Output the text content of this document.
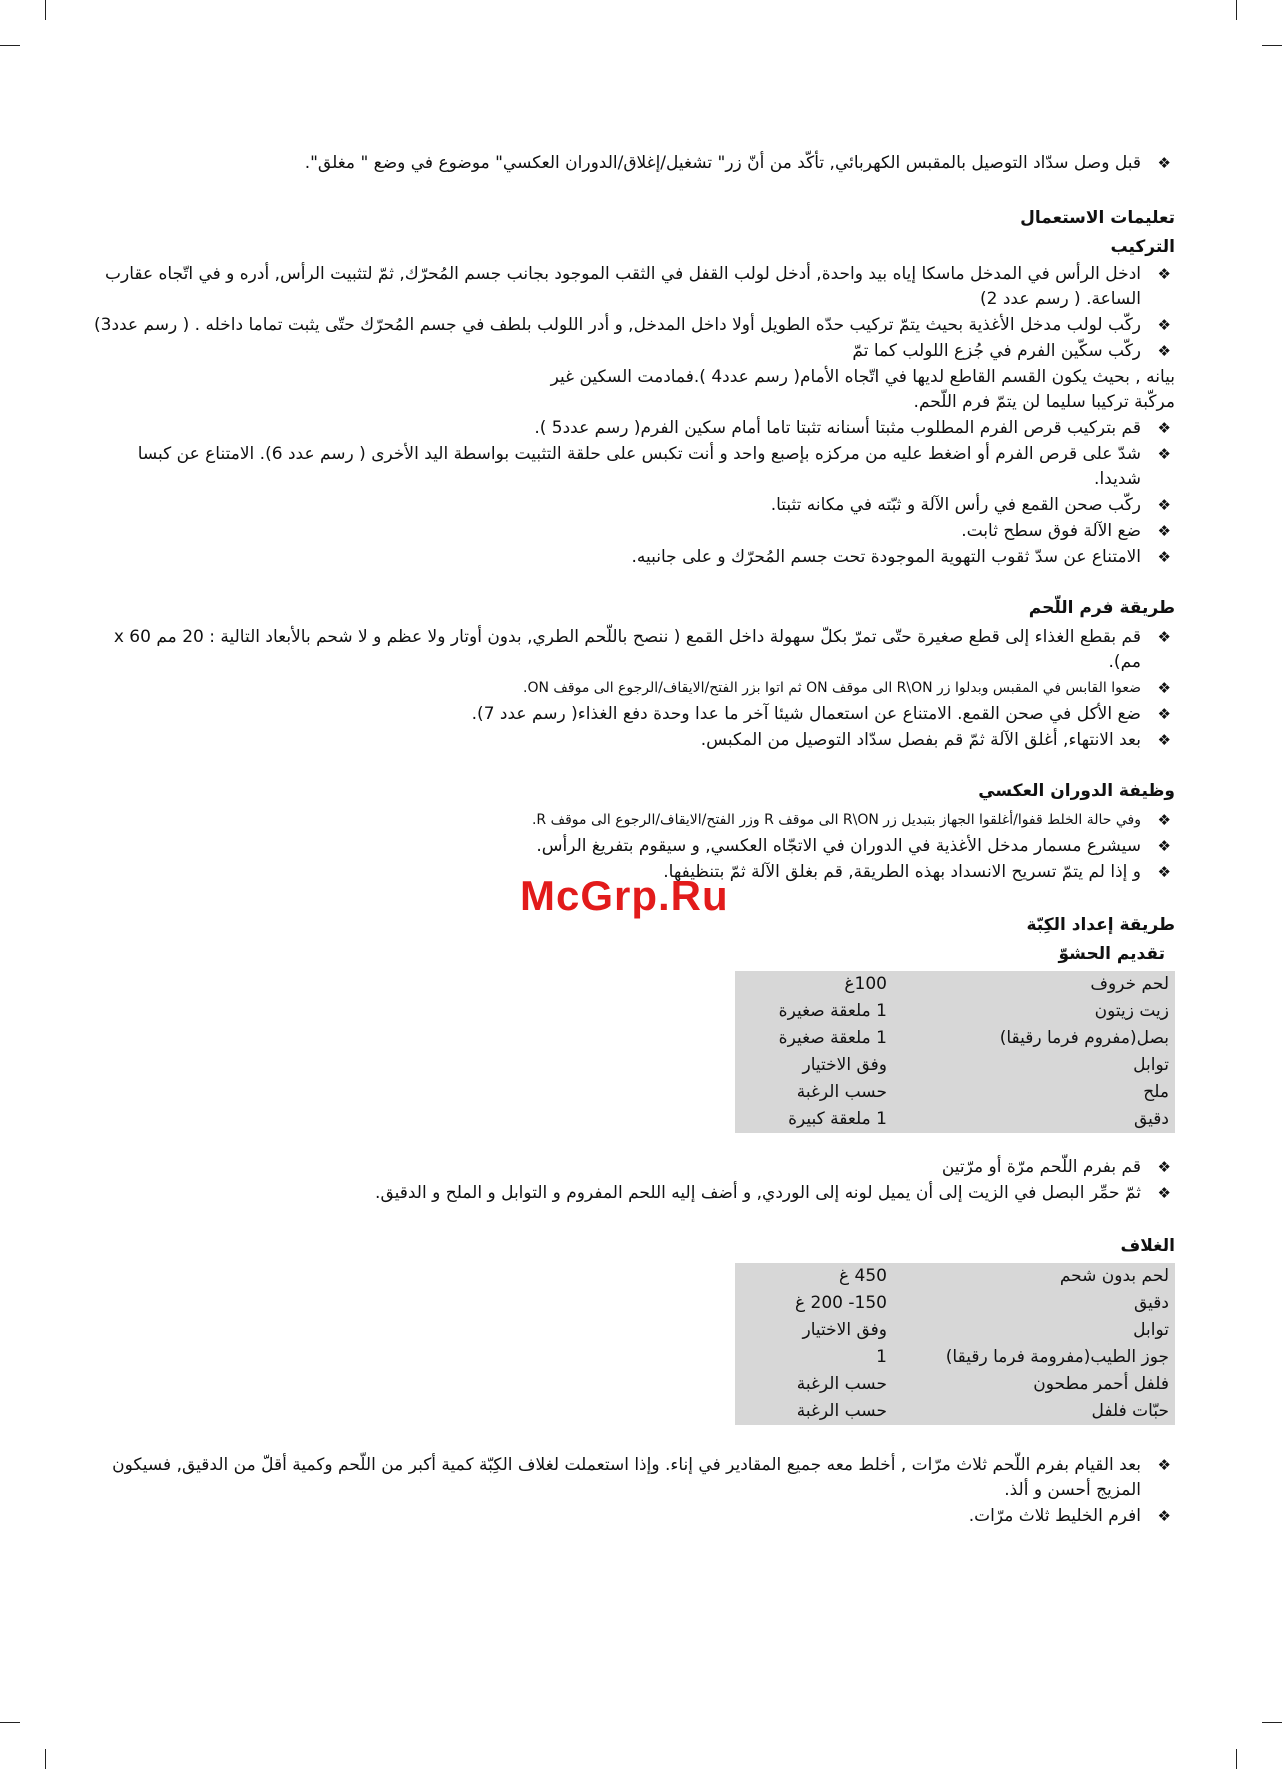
❖
قبل وصل سدّاد التوصيل بالمقبس الكهربائي, تأكّد من أنّ زر" تشغيل/إغلاق/الدوران العكسي" موضوع في وضع " مغلق".
تعليمات الاستعمال
التركيب
❖
ادخل الرأس في المدخل ماسكا إياه بيد واحدة, أدخل لولب القفل في الثقب الموجود بجانب جسم المُحرّك, ثمّ لتثبيت الرأس, أدره و في اتّجاه عقارب الساعة. ( رسم عدد 2)
❖
ركّب لولب مدخل الأغذية بحيث يتمّ تركيب حدّه الطويل أولا داخل المدخل, و أدر اللولب بلطف في جسم المُحرّك حتّى يثبت تماما داخله . ( رسم عدد3)
❖
ركّب سكّين الفرم في جُزع اللولب كما تمّ
بيانه , بحيث يكون القسم القاطع لديها في اتّجاه الأمام( رسم عدد4 ).فمادمت السكين غير
مركّبة تركيبا سليما لن يتمّ فرم اللّحم.
❖
قم بتركيب قرص الفرم المطلوب مثبتا أسنانه تثبتا تاما أمام سكين الفرم( رسم عدد5 ).
❖
شدّ على قرص الفرم أو اضغط عليه من مركزه بإصبع واحد و أنت تكبس على حلقة التثبيت بواسطة اليد الأخرى ( رسم عدد 6). الامتناع عن كبسا شديدا.
❖
ركّب صحن القمع في رأس الآلة و ثبّته في مكانه تثبتا.
❖
ضع الآلة فوق سطح ثابت.
❖
الامتناع عن سدّ ثقوب التهوية الموجودة تحت جسم المُحرّك و على جانبيه.
طريقة فرم اللّحم
❖
قم بقطع الغذاء إلى قطع صغيرة حتّى تمرّ بكلّ سهولة داخل القمع ( ننصح باللّحم الطري, بدون أوتار ولا عظم و لا شحم بالأبعاد التالية : 20 مم x 60 مم).
❖
ضعوا القابس في المقبس وبدلوا زر R\ON الى موقف ON ثم اتوا بزر الفتح/الايقاف/الرجوع الى موقف ON.
❖
ضع الأكل في صحن القمع. الامتناع عن استعمال شيئا آخر ما عدا وحدة دفع الغذاء( رسم عدد 7).
❖
بعد الانتهاء, أغلق الآلة ثمّ قم بفصل سدّاد التوصيل من المكبس.
وظيفة الدوران العكسي
❖
وفي حالة الخلط قفوا/أغلقوا الجهاز بتبديل زر R\ON الى موقف R وزر الفتح/الايقاف/الرجوع الى موقف R.
❖
سيشرع مسمار مدخل الأغذية في الدوران في الاتجّاه العكسي, و سيقوم بتفريغ الرأس.
❖
و إذا لم يتمّ تسريح الانسداد بهذه الطريقة, قم بغلق الآلة ثمّ بتنظيفها.
طريقة إعداد الكِبّة
تقديم الحشوّ
لحم خروف	100غ
زيت زيتون	1 ملعقة صغيرة
بصل(مفروم فرما رقيقا)	1 ملعقة صغيرة
توابل	وفق الاختيار
ملح	حسب الرغبة
دقيق	1 ملعقة كبيرة
❖
قم بفرم اللّحم مرّة أو مرّتين
❖
ثمّ حمِّر البصل في الزيت إلى أن يميل لونه إلى الوردي, و أضف إليه اللحم المفروم و التوابل و الملح و الدقيق.
الغلاف
لحم بدون شحم	450 غ
دقيق	150- 200 غ
توابل	وفق الاختيار
جوز الطيب(مفرومة فرما رقيقا)	1
فلفل أحمر مطحون	حسب الرغبة
حبّات فلفل	حسب الرغبة
❖
بعد القيام بفرم اللّحم ثلاث مرّات , أخلط معه جميع المقادير في إناء. وإذا استعملت لغلاف الكِبّة كمية أكبر من اللّحم وكمية أقلّ من الدقيق, فسيكون المزيج أحسن و ألذ.
❖
افرم الخليط ثلاث مرّات.
McGrp.Ru
